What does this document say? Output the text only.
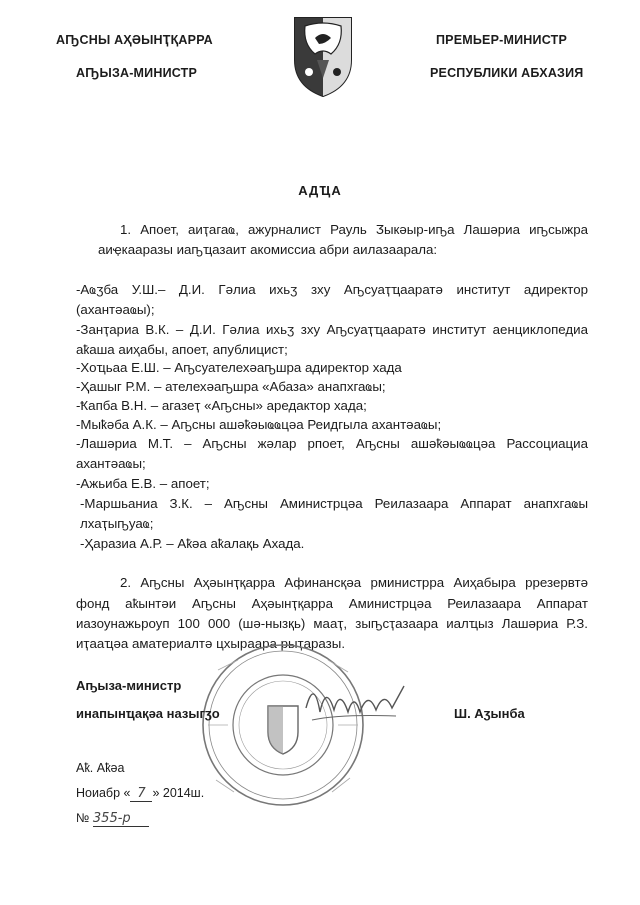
АҦСНЫ АҲӘЫНҬҚАРРА
АҦЫЗА-МИНИСТР
ПРЕМЬЕР-МИНИСТР
РЕСПУБЛИКИ АБХАЗИЯ
АДҴА
1. Апоет, аиҭагаҩ, ажурналист Рауль Ӡыкәыр-иҧа Лашәриа иҧсыжра
аиҿкааразы иаҧҵазаит акомиссиа абри аилазаарала:
-Аҩӡба У.Ш.– Д.И. Гәлиа ихьӡ зху Аҧсуаҭҵааратә институт адиректор
(ахантәаҩы);
-Занҭариа В.К. – Д.И. Гәлиа ихьӡ зху Аҧсуаҭҵааратә институт аенциклопедиа
аҟаша аиҳабы, апоет, апублицист;
-Хоҵьаа Е.Ш. – Аҧсуателехәаҧшра адиректор хада
-Ҳашыг Р.М. – ателехәаҧшра «Абаза» анапхгаҩы;
-Ҟапба В.Н. – агазеҭ «Аҧсны» аредактор хада;
-Мыҟәба А.К. – Аҧсны ашәҟәыҩҩцәа Реидгыла ахантәаҩы;
-Лашәриа М.Т. – Аҧсны жәлар рпоет, Аҧсны ашәҟәыҩҩцәа Рассоциациа
ахантәаҩы;
-Ажьиба Е.В. – апоет;
-Маршьаниа З.К. – Аҧсны Аминистрцәа Реилазаара Аппарат анапхгаҩы
лхаҭыҧуаҩ;
-Ҳаразиа А.Р. – Аҟәа аҟалақь Ахада.
2. Аҧсны Аҳәынҭқарра Афинансқәа рминистрра Аиҳабыра ррезервтә
фонд аҟынтәи Аҧсны Аҳәынҭқарра Аминистрцәа Реилазаара Аппарат
иазоунажьроуп 100 000 (шә-нызқь) мааҭ, зыҧсҭазаара иалҵыз Лашәриа Р.З.
иҭааҵәа аматериалтә цхыраара рыҭаразы.
Аҧыза-министр
инапынҵақәа назыгӡо	Ш. Аӡынба
Аҟ. Аҟәа
Ноиабр « 7 » 2014ш.
№ 355-р
